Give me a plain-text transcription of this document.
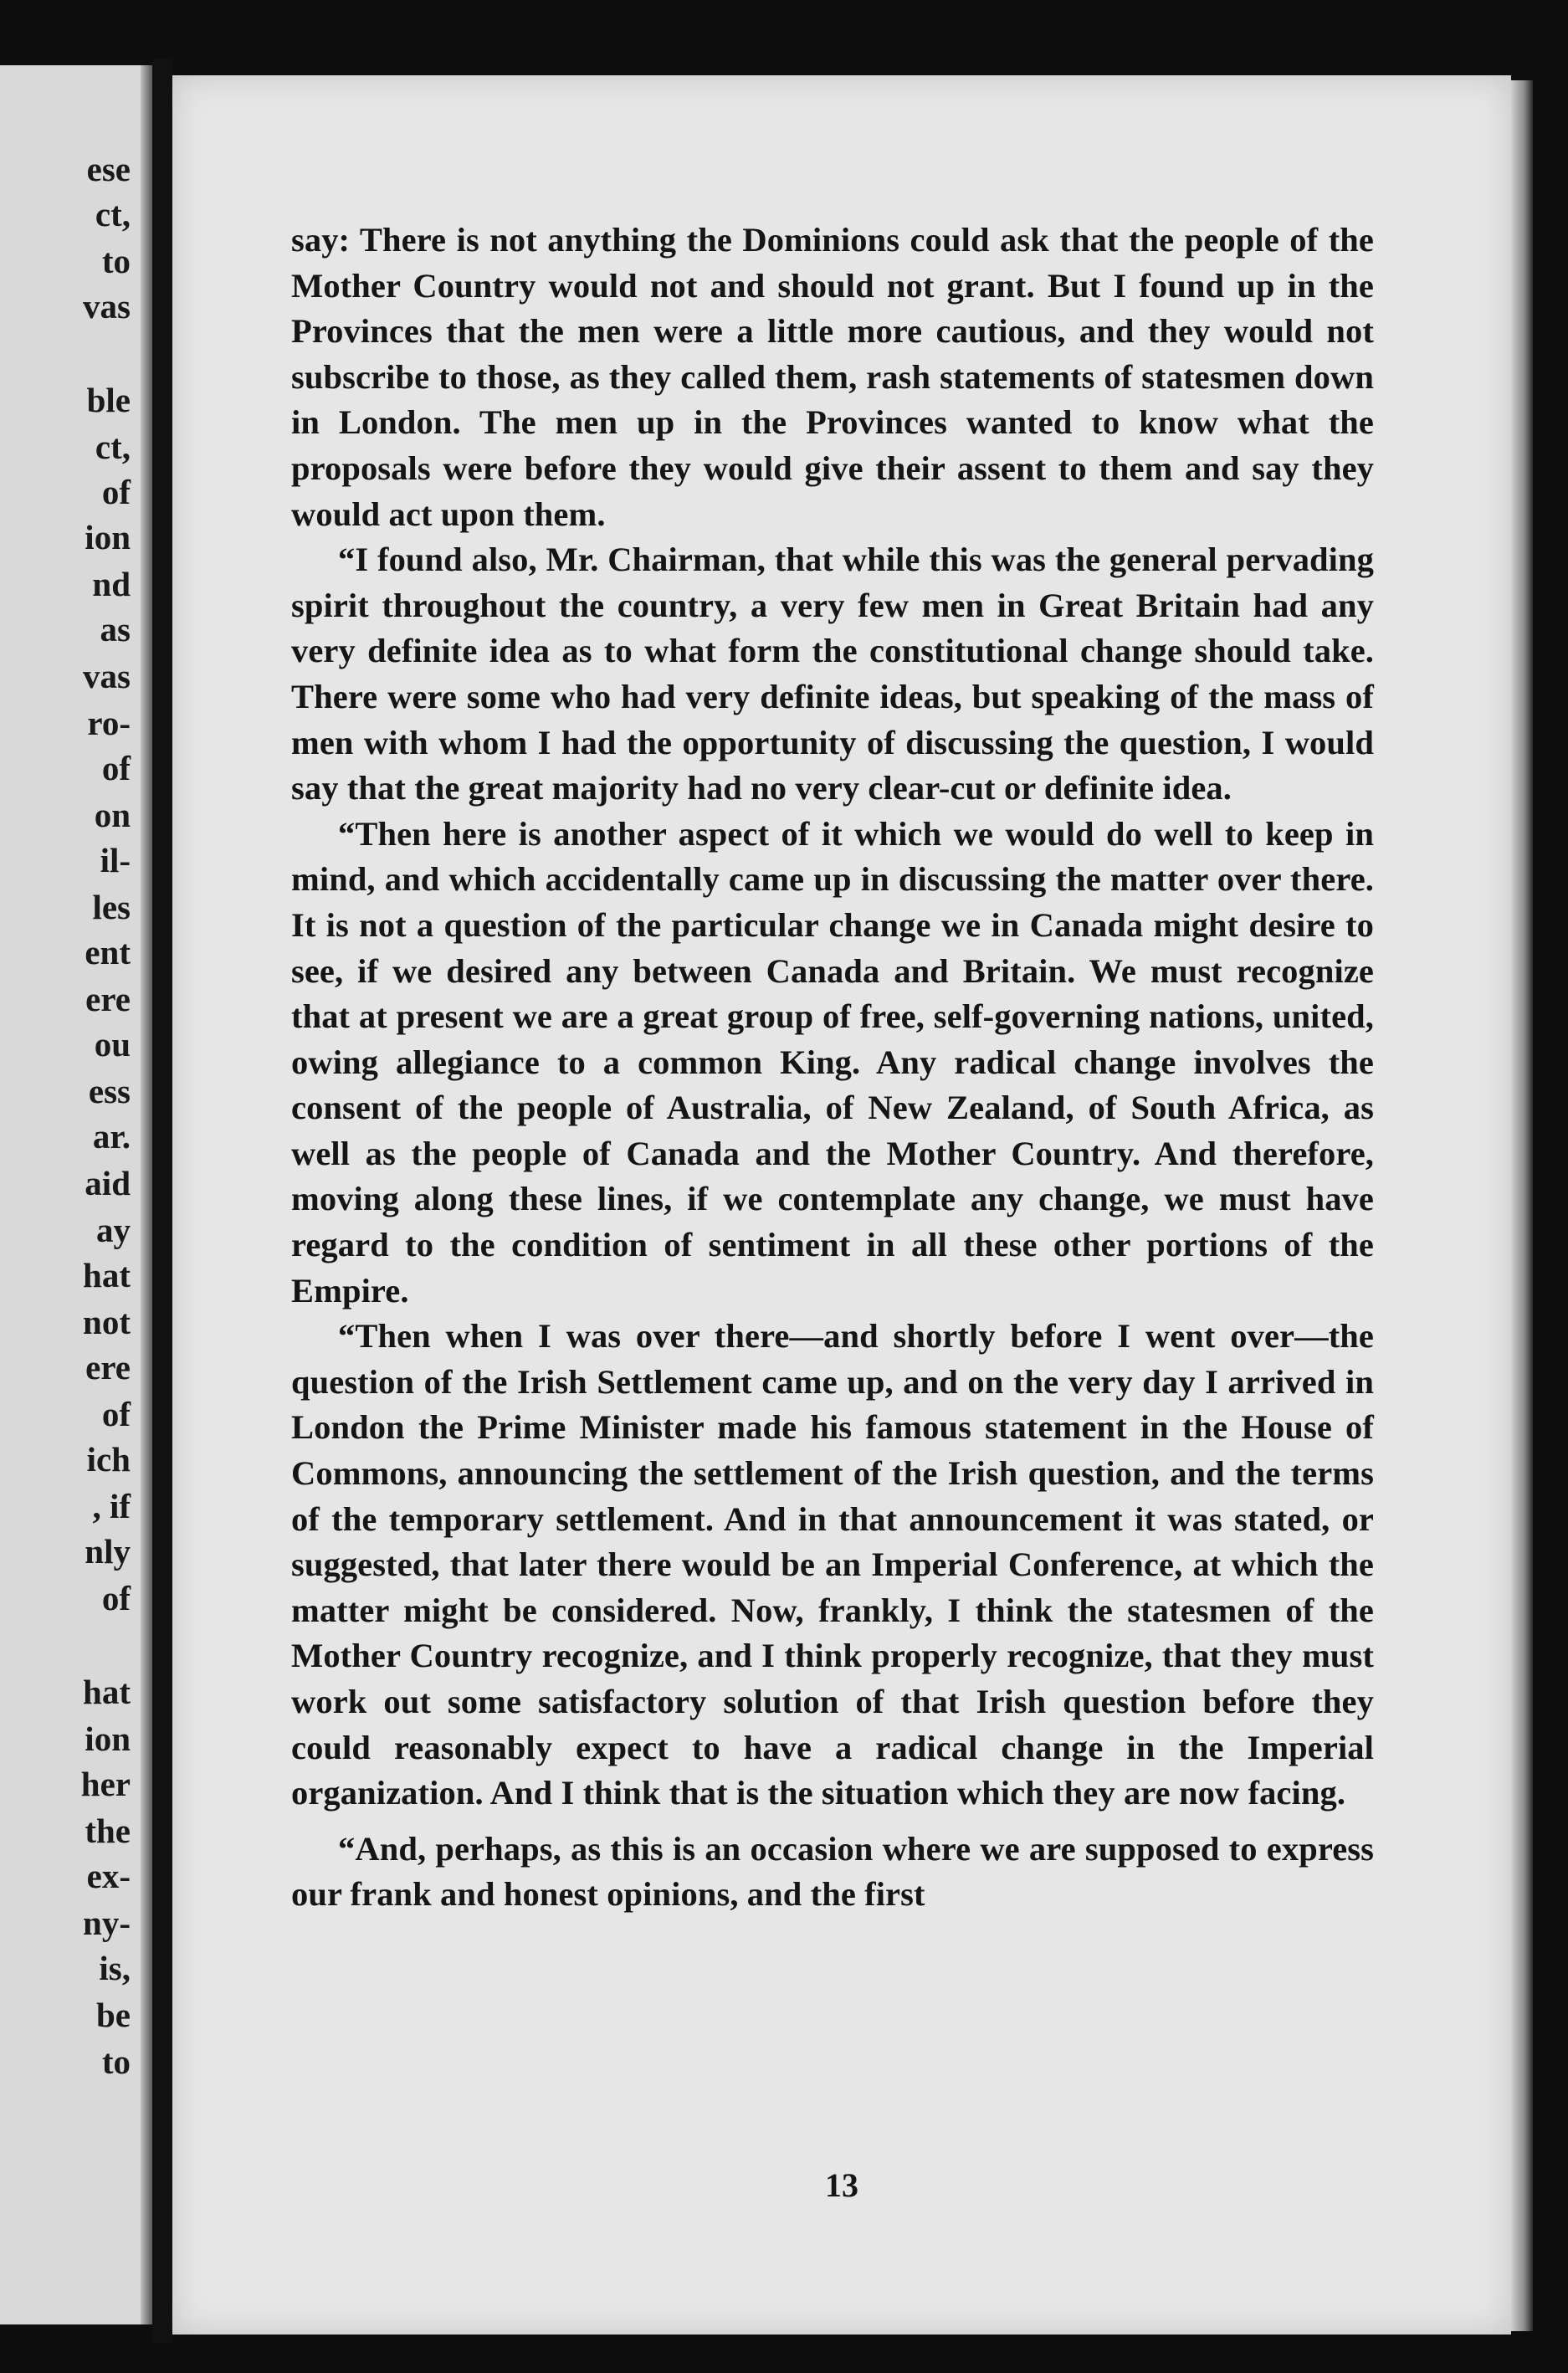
ese
ct,
to
vas
ble
ct,
of
ion
nd
as
vas
ro-
of
on
il-
les
ent
ere
ou
ess
ar.
aid
ay
hat
not
ere
of
ich
, if
nly
of
hat
ion
her
the
ex-
ny-
is,
be
to

say: There is not anything the Dominions could ask that the people of the Mother Country would not and should not grant. But I found up in the Provinces that the men were a little more cautious, and they would not subscribe to those, as they called them, rash statements of statesmen down in London. The men up in the Provinces wanted to know what the proposals were before they would give their assent to them and say they would act upon them.

“I found also, Mr. Chairman, that while this was the general pervading spirit throughout the country, a very few men in Great Britain had any very definite idea as to what form the constitutional change should take. There were some who had very definite ideas, but speaking of the mass of men with whom I had the opportunity of discussing the question, I would say that the great majority had no very clear-cut or definite idea.

“Then here is another aspect of it which we would do well to keep in mind, and which accidentally came up in discussing the matter over there. It is not a question of the particular change we in Canada might desire to see, if we desired any between Canada and Britain. We must recognize that at present we are a great group of free, self-governing nations, united, owing allegiance to a common King. Any radical change involves the consent of the people of Australia, of New Zealand, of South Africa, as well as the people of Canada and the Mother Country. And therefore, moving along these lines, if we contemplate any change, we must have regard to the condition of sentiment in all these other portions of the Empire.

“Then when I was over there—and shortly before I went over—the question of the Irish Settlement came up, and on the very day I arrived in London the Prime Minister made his famous statement in the House of Commons, announcing the settlement of the Irish question, and the terms of the temporary settlement. And in that announcement it was stated, or suggested, that later there would be an Imperial Conference, at which the matter might be considered. Now, frankly, I think the statesmen of the Mother Country recognize, and I think properly recognize, that they must work out some satisfactory solution of that Irish question before they could reasonably expect to have a radical change in the Imperial organization. And I think that is the situation which they are now facing.

“And, perhaps, as this is an occasion where we are supposed to express our frank and honest opinions, and the first

13
